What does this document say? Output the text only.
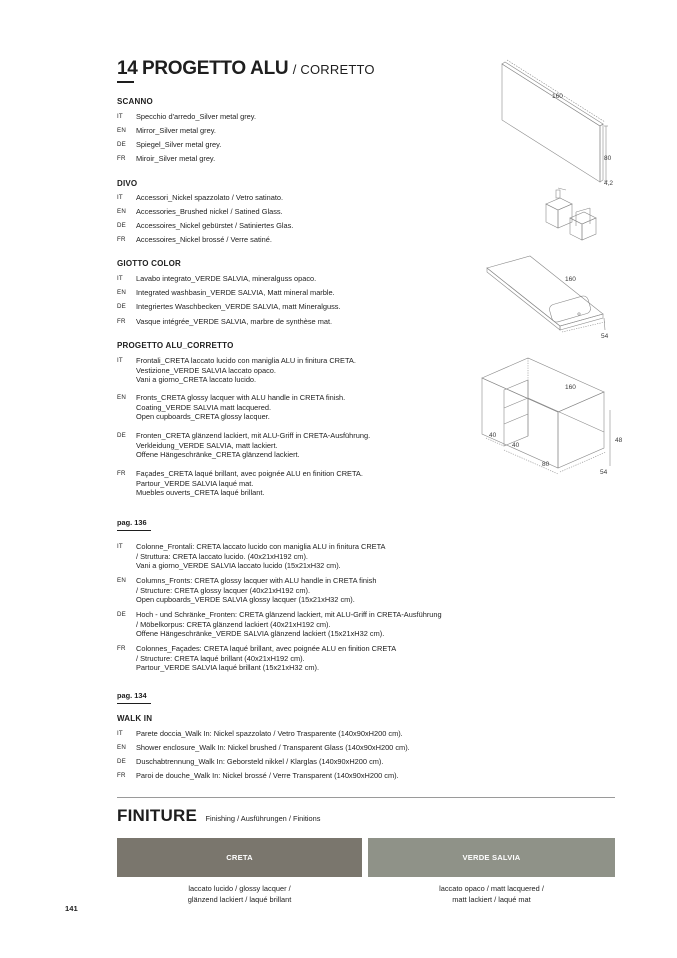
14 PROGETTO ALU / CORRETTO
SCANNO
IT	Specchio d'arredo_Silver metal grey.
EN	Mirror_Silver metal grey.
DE	Spiegel_Silver metal grey.
FR	Miroir_Silver metal grey.
DIVO
IT	Accessori_Nickel spazzolato / Vetro satinato.
EN	Accessories_Brushed nickel / Satined Glass.
DE	Accessoires_Nickel gebürstet / Satiniertes Glas.
FR	Accessoires_Nickel brossé / Verre satiné.
GIOTTO COLOR
IT	Lavabo integrato_VERDE SALVIA, mineralguss opaco.
EN	Integrated washbasin_VERDE SALVIA, Matt mineral marble.
DE	Integriertes Waschbecken_VERDE SALVIA, matt Mineralguss.
FR	Vasque intégrée_VERDE SALVIA, marbre de synthèse mat.
PROGETTO ALU_CORRETTO
IT	Frontali_CRETA laccato lucido con maniglia ALU in finitura CRETA.
Vestizione_VERDE SALVIA laccato opaco.
Vani a giorno_CRETA laccato lucido.
EN	Fronts_CRETA glossy lacquer with ALU handle in CRETA finish.
Coating_VERDE SALVIA matt lacquered.
Open cupboards_CRETA glossy lacquer.
DE	Fronten_CRETA glänzend lackiert, mit ALU-Griff in CRETA-Ausführung.
Verkleidung_VERDE SALVIA, matt lackiert.
Offene Hängeschränke_CRETA glänzend lackiert.
FR	Façades_CRETA laqué brillant, avec poignée ALU en finition CRETA.
Partour_VERDE SALVIA laqué mat.
Muebles ouverts_CRETA laqué brillant.
pag. 136
IT	Colonne_Frontali: CRETA laccato lucido con maniglia ALU in finitura CRETA
/ Struttura: CRETA laccato lucido. (40x21xH192 cm).
Vani a giorno_VERDE SALVIA laccato lucido (15x21xH32 cm).
EN	Columns_Fronts: CRETA glossy lacquer with ALU handle in CRETA finish
/ Structure: CRETA glossy lacquer (40x21xH192 cm).
Open cupboards_VERDE SALVIA glossy lacquer (15x21xH32 cm).
DE	Hoch - und Schränke_Fronten: CRETA glänzend lackiert, mit ALU-Griff in CRETA-Ausführung
/ Möbelkorpus: CRETA glänzend lackiert (40x21xH192 cm).
Offene Hängeschränke_VERDE SALVIA glänzend lackiert (15x21xH32 cm).
FR	Colonnes_Façades: CRETA laqué brillant, avec poignée ALU en finition CRETA
/ Structure: CRETA laqué brillant (40x21xH192 cm).
Partour_VERDE SALVIA laqué brillant (15x21xH32 cm).
pag. 134
WALK IN
IT	Parete doccia_Walk In: Nickel spazzolato / Vetro Trasparente (140x90xH200 cm).
EN	Shower enclosure_Walk In: Nickel brushed / Transparent Glass (140x90xH200 cm).
DE	Duschabtrennung_Walk In: Geborsteld nikkel / Klarglas (140x90xH200 cm).
FR	Paroi de douche_Walk In: Nickel brossé / Verre Transparent (140x90xH200 cm).
FINITURE Finishing / Ausführungen / Finitions
CRETA	VERDE SALVIA
laccato lucido / glossy lacquer /
glänzend lackiert / laqué brillant
laccato opaco / matt lacquered /
matt lackiert / laqué mat
141
160
80
4,2
160
54
160
48
54
40
40
80
